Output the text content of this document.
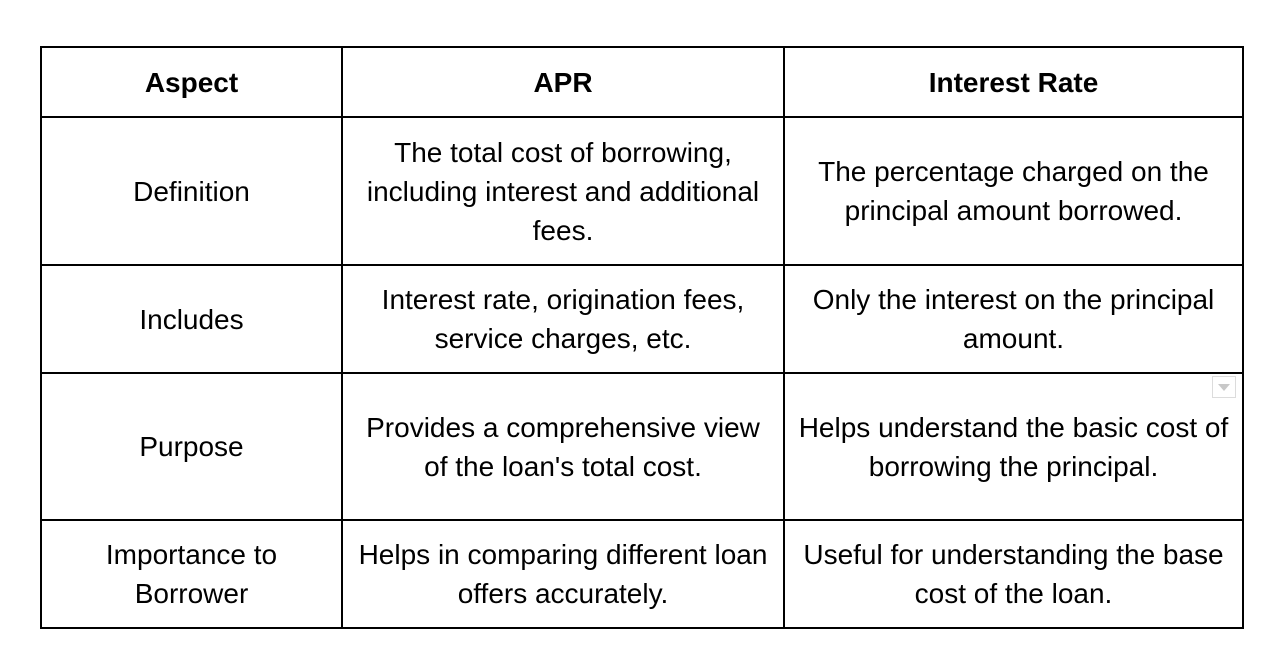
Aspect	APR	Interest Rate
Definition	The total cost of borrowing, including interest and additional fees.	The percentage charged on the principal amount borrowed.
Includes	Interest rate, origination fees, service charges, etc.	Only the interest on the principal amount.
Purpose	Provides a comprehensive view of the loan's total cost.	Helps understand the basic cost of borrowing the principal.
Importance to Borrower	Helps in comparing different loan offers accurately.	Useful for understanding the base cost of the loan.
